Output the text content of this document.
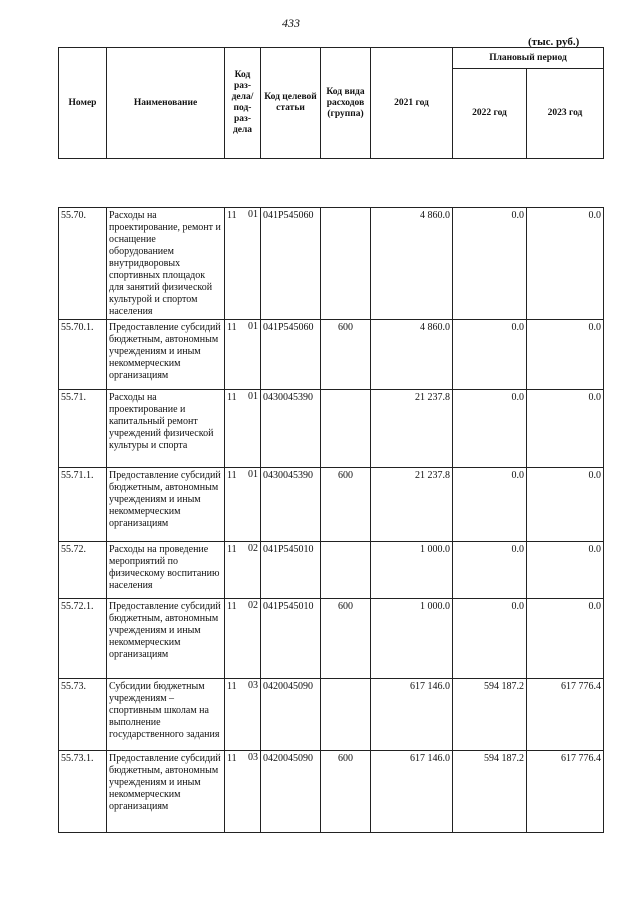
433
(тыс. руб.)
Номер	Наименование	Код раз-дела/ под-раз-дела	Код целевой статьи	Код вида расходов (группа)	2021 год	Плановый период	
						2022 год	2023 год

55.70.	Расходы на проектирование, ремонт и оснащение оборудованием внутридворовых спортивных площадок для занятий физической культурой и спортом населения	11 01	041P545060		4 860.0	0.0	0.0
55.70.1.	Предоставление субсидий бюджетным, автономным учреждениям и иным некоммерческим организациям	11 01	041P545060	600	4 860.0	0.0	0.0
55.71.	Расходы на проектирование и капитальный ремонт учреждений физической культуры и спорта	11 01	0430045390		21 237.8	0.0	0.0
55.71.1.	Предоставление субсидий бюджетным, автономным учреждениям и иным некоммерческим организациям	11 01	0430045390	600	21 237.8	0.0	0.0
55.72.	Расходы на проведение мероприятий по физическому воспитанию населения	11 02	041P545010		1 000.0	0.0	0.0
55.72.1.	Предоставление субсидий бюджетным, автономным учреждениям и иным некоммерческим организациям	11 02	041P545010	600	1 000.0	0.0	0.0
55.73.	Субсидии бюджетным учреждениям – спортивным школам на выполнение государственного задания	11 03	0420045090		617 146.0	594 187.2	617 776.4
55.73.1.	Предоставление субсидий бюджетным, автономным учреждениям и иным некоммерческим организациям	11 03	0420045090	600	617 146.0	594 187.2	617 776.4
